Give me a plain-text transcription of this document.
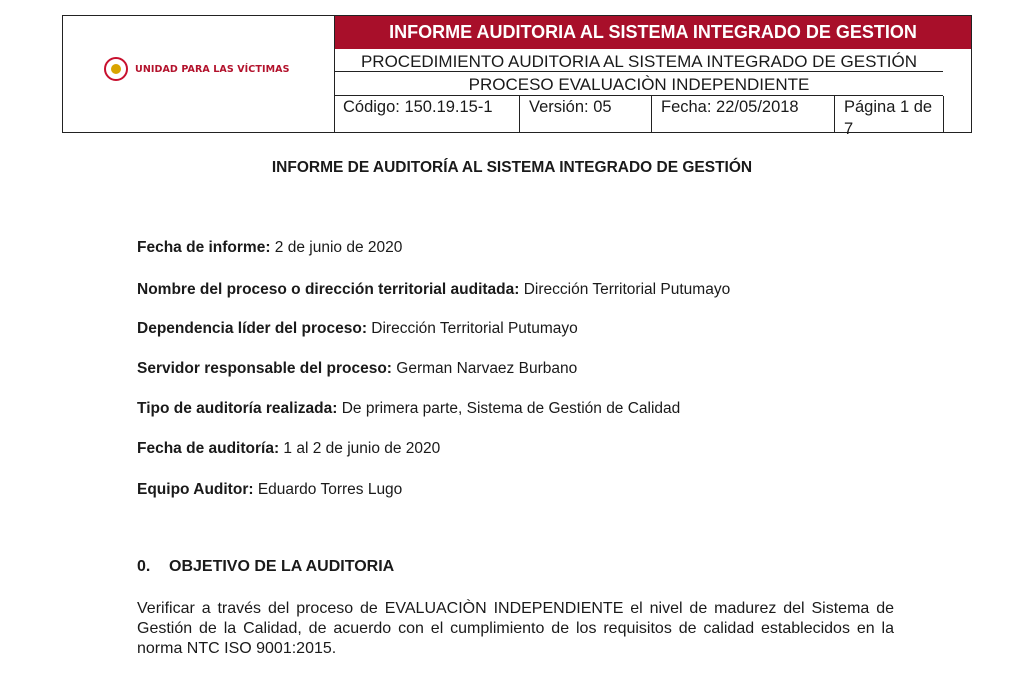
UNIDAD PARA LAS VÍCTIMAS
INFORME AUDITORIA AL SISTEMA INTEGRADO DE GESTION
PROCEDIMIENTO AUDITORIA AL SISTEMA INTEGRADO DE GESTIÓN
PROCESO EVALUACIÒN INDEPENDIENTE
Código: 150.19.15-1	Versión: 05	Fecha: 22/05/2018	Página 1 de 7
INFORME DE AUDITORÍA AL SISTEMA INTEGRADO DE GESTIÓN
Fecha de informe: 2 de junio de 2020
Nombre del proceso o dirección territorial auditada: Dirección Territorial Putumayo
Dependencia líder del proceso: Dirección Territorial Putumayo
Servidor responsable del proceso: German Narvaez Burbano
Tipo de auditoría realizada: De primera parte, Sistema de Gestión de Calidad
Fecha de auditoría: 1 al 2 de junio de 2020
Equipo Auditor: Eduardo Torres Lugo
0. OBJETIVO DE LA AUDITORIA
Verificar a través del proceso de EVALUACIÒN INDEPENDIENTE el nivel de madurez del Sistema de Gestión de la Calidad, de acuerdo con el cumplimiento de los requisitos de calidad establecidos en la norma NTC ISO 9001:2015.
